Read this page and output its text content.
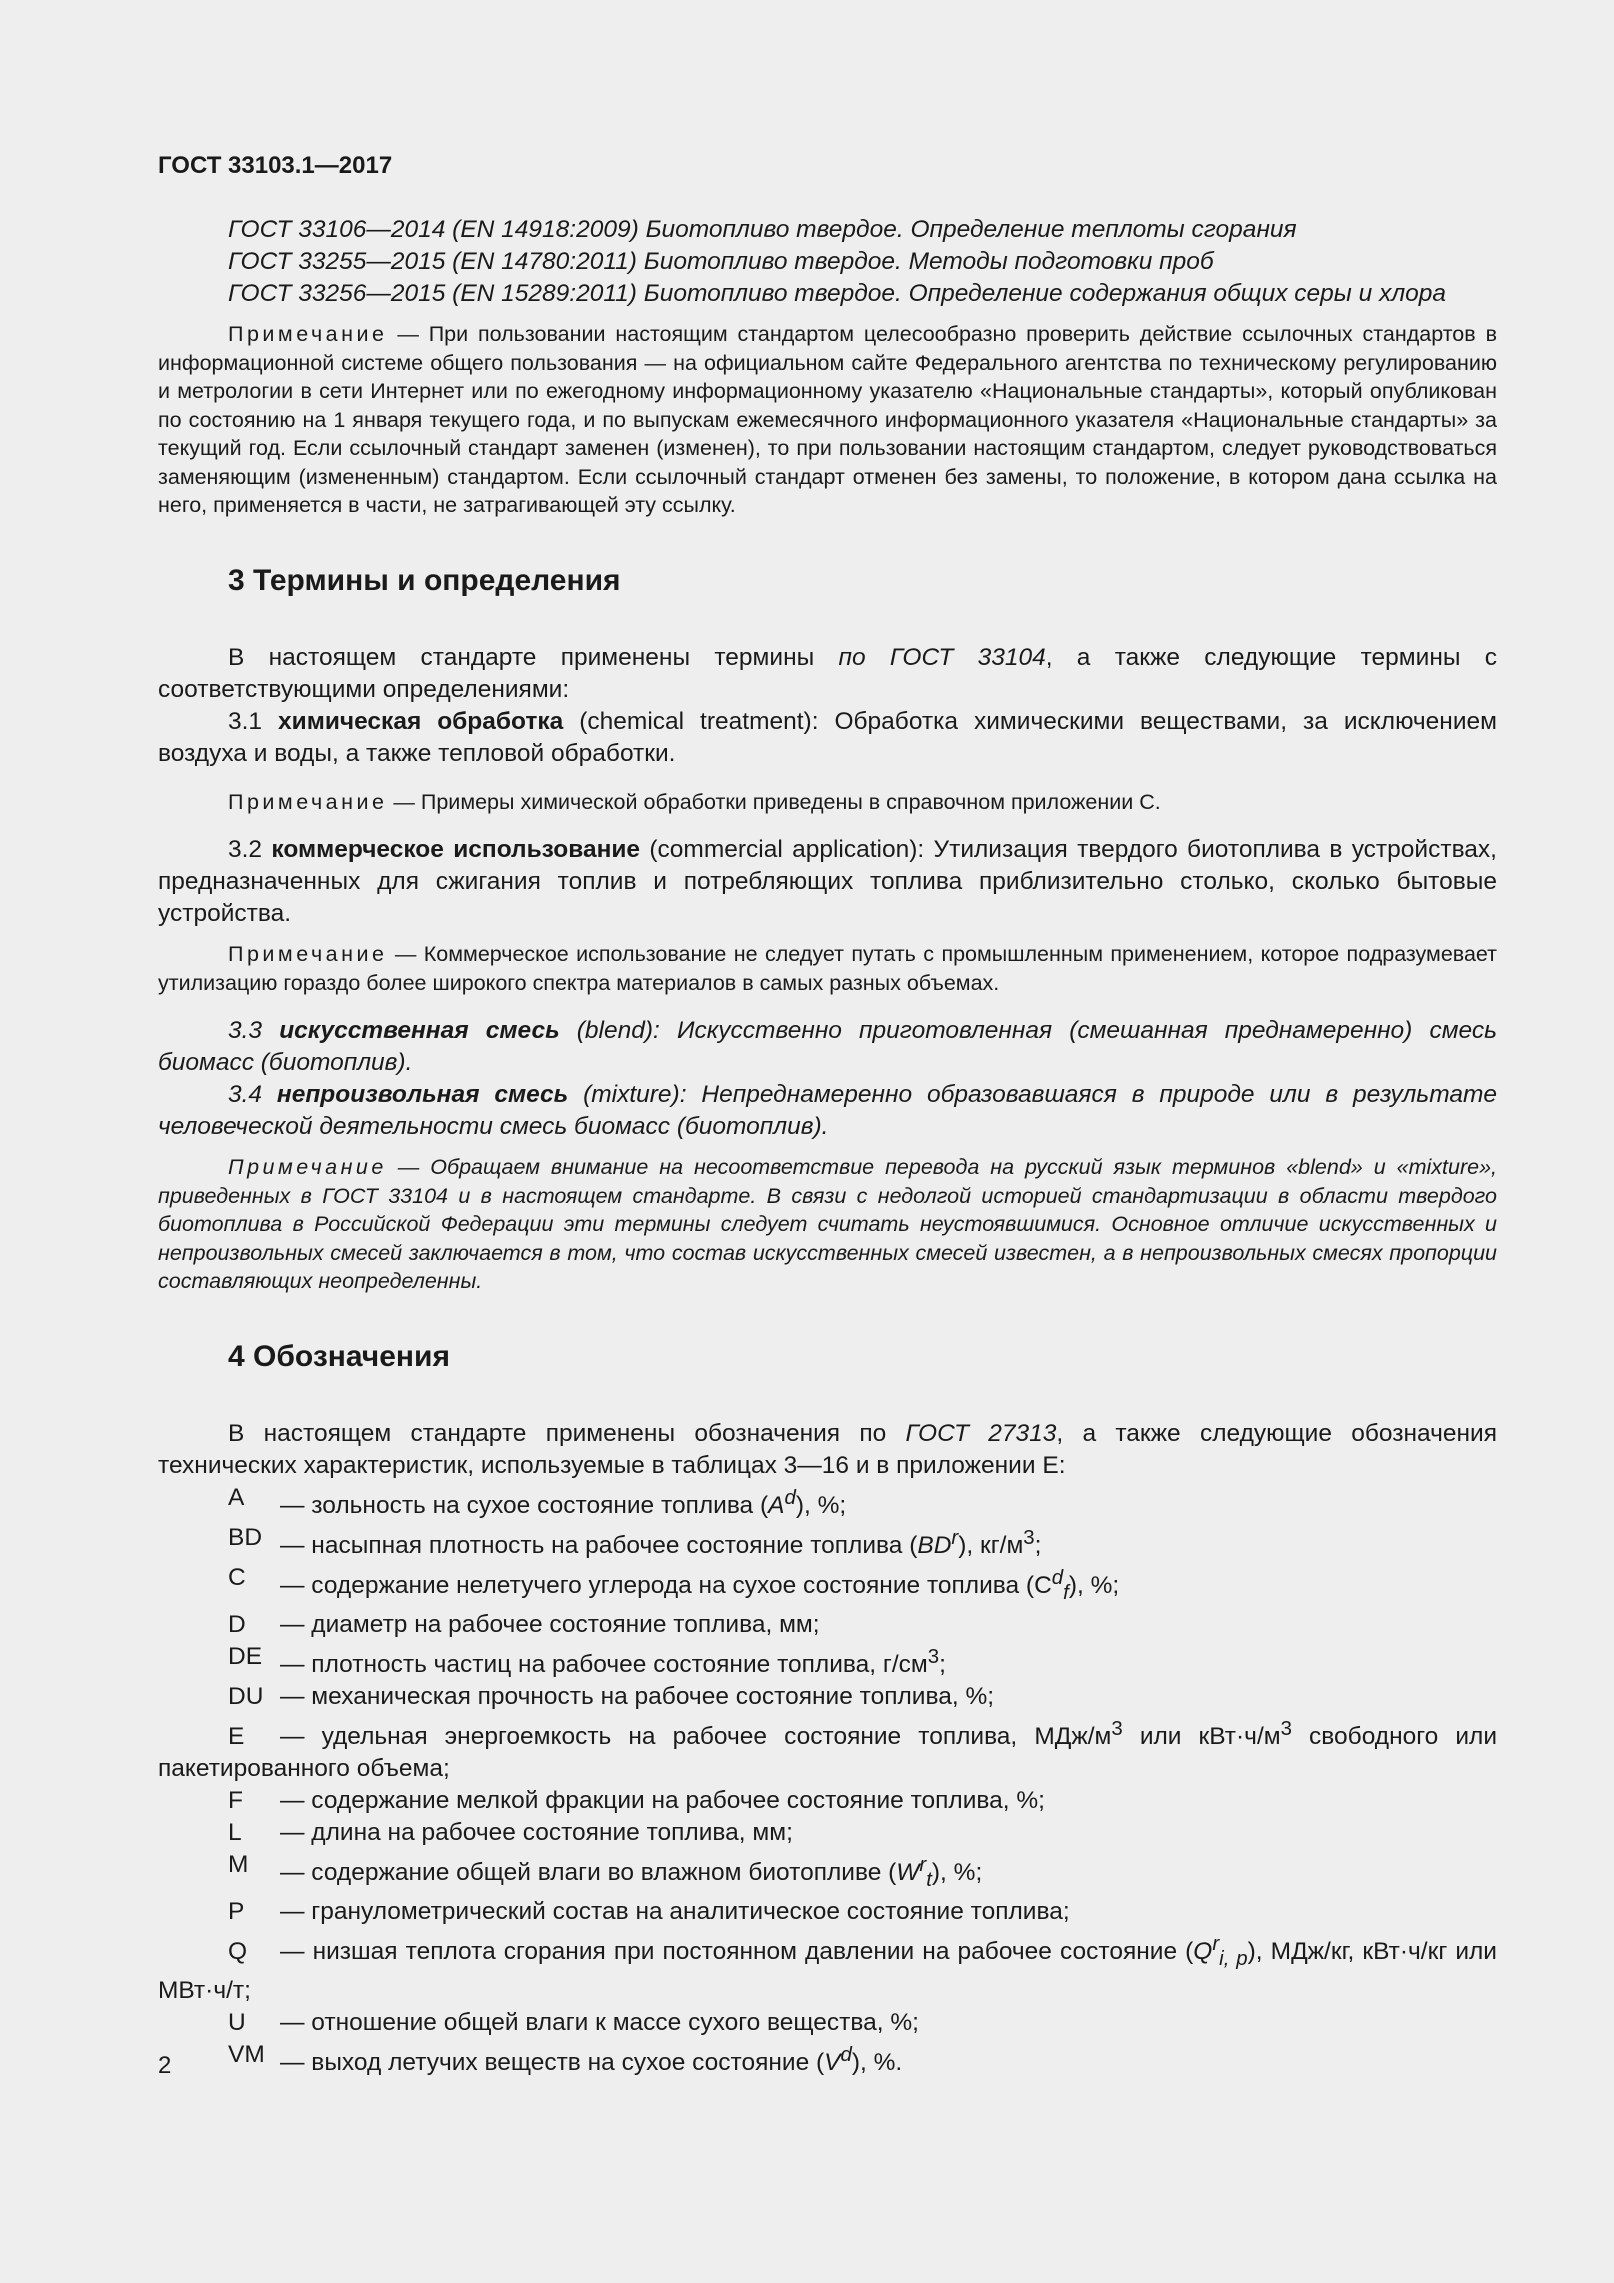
ГОСТ 33103.1—2017

ГОСТ 33106—2014 (EN 14918:2009) Биотопливо твердое. Определение теплоты сгорания

ГОСТ 33255—2015 (EN 14780:2011) Биотопливо твердое. Методы подготовки проб

ГОСТ 33256—2015 (EN 15289:2011) Биотопливо твердое. Определение содержания общих серы и хлора

Примечание — При пользовании настоящим стандартом целесообразно проверить действие ссылочных стандартов в информационной системе общего пользования — на официальном сайте Федерального агентства по техническому регулированию и метрологии в сети Интернет или по ежегодному информационному указателю «Национальные стандарты», который опубликован по состоянию на 1 января текущего года, и по выпускам ежемесячного информационного указателя «Национальные стандарты» за текущий год. Если ссылочный стандарт заменен (изменен), то при пользовании настоящим стандартом, следует руководствоваться заменяющим (измененным) стандартом. Если ссылочный стандарт отменен без замены, то положение, в котором дана ссылка на него, применяется в части, не затрагивающей эту ссылку.

3 Термины и определения

В настоящем стандарте применены термины по ГОСТ 33104, а также следующие термины с соответствующими определениями:

3.1 химическая обработка (chemical treatment): Обработка химическими веществами, за исключением воздуха и воды, а также тепловой обработки.

Примечание — Примеры химической обработки приведены в справочном приложении С.

3.2 коммерческое использование (commercial application): Утилизация твердого биотоплива в устройствах, предназначенных для сжигания топлив и потребляющих топлива приблизительно столько, сколько бытовые устройства.

Примечание — Коммерческое использование не следует путать с промышленным применением, которое подразумевает утилизацию гораздо более широкого спектра материалов в самых разных объемах.

3.3 искусственная смесь (blend): Искусственно приготовленная (смешанная преднамеренно) смесь биомасс (биотоплив).

3.4 непроизвольная смесь (mixture): Непреднамеренно образовавшаяся в природе или в результате человеческой деятельности смесь биомасс (биотоплив).

Примечание — Обращаем внимание на несоответствие перевода на русский язык терминов «blend» и «mixture», приведенных в ГОСТ 33104 и в настоящем стандарте. В связи с недолгой историей стандартизации в области твердого биотоплива в Российской Федерации эти термины следует считать неустоявшимися. Основное отличие искусственных и непроизвольных смесей заключается в том, что состав искусственных смесей известен, а в непроизвольных смесях пропорции составляющих неопределенны.

4 Обозначения

В настоящем стандарте применены обозначения по ГОСТ 27313, а также следующие обозначения технических характеристик, используемые в таблицах 3—16 и в приложении Е:

A	— зольность на сухое состояние топлива $(A^d)$, %;
BD — насыпная плотность на рабочее состояние топлива $(BD^r)$, $кг/м^3$;
C	— содержание нелетучего углерода на сухое состояние топлива $(C^d_f)$, %;
D	— диаметр на рабочее состояние топлива, мм;
DE — плотность частиц на рабочее состояние топлива, $г/см^3$;
DU — механическая прочность на рабочее состояние топлива, %;

E — удельная энергоемкость на рабочее состояние топлива, МДж/$м^3$ или $кВт\cdot ч/м^3$ свободного или пакетированного объема;

F	— содержание мелкой фракции на рабочее состояние топлива, %;
L	— длина на рабочее состояние топлива, мм;
M	— содержание общей влаги во влажном биотопливе $(W^r_t)$, %;
P	— гранулометрический состав на аналитическое состояние топлива;

Q — низшая теплота сгорания при постоянном давлении на рабочее состояние $(Q^r_{i, p})$, МДж/кг, кВт·ч/кг или МВт·ч/т;

U	— отношение общей влаги к массе сухого вещества, %;
VM — выход летучих веществ на сухое состояние $(V^d)$, %.
2
